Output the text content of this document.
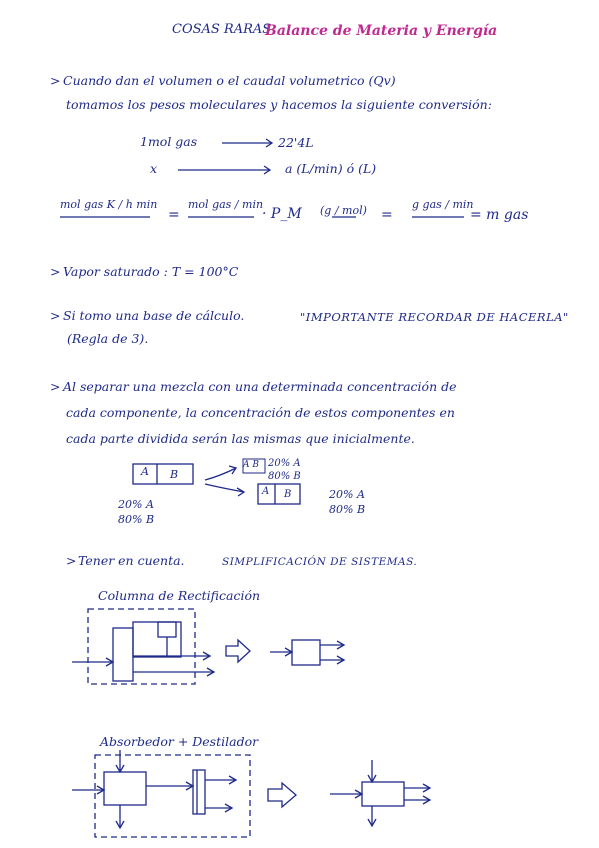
COSAS RARAS
Balance de Materia y Energía
> Cuando dan el volumen o el caudal volumetrico (Qv)
tomamos los pesos moleculares y hacemos la siguiente conversión:
1mol gas	22'4L
x	a (L/min) ó (L)
mol gas K / h min
=
mol gas / min
· P_M (g / mol) =
g gas / min
= m gas
> Vapor saturado : T = 100°C
> Si tomo una base de cálculo.	"IMPORTANTE RECORDAR DE HACERLA"
(Regla de 3).
> Al separar una mezcla con una determinada concentración de
cada componente, la concentración de estos componentes en
cada parte dividida serán las mismas que inicialmente.
A B
A B 20% A
80% B
A B	20% A
80% B
20% A
80% B
> Tener en cuenta.	SIMPLIFICACIÓN DE SISTEMAS.
Columna de Rectificación
Absorbedor + Destilador
